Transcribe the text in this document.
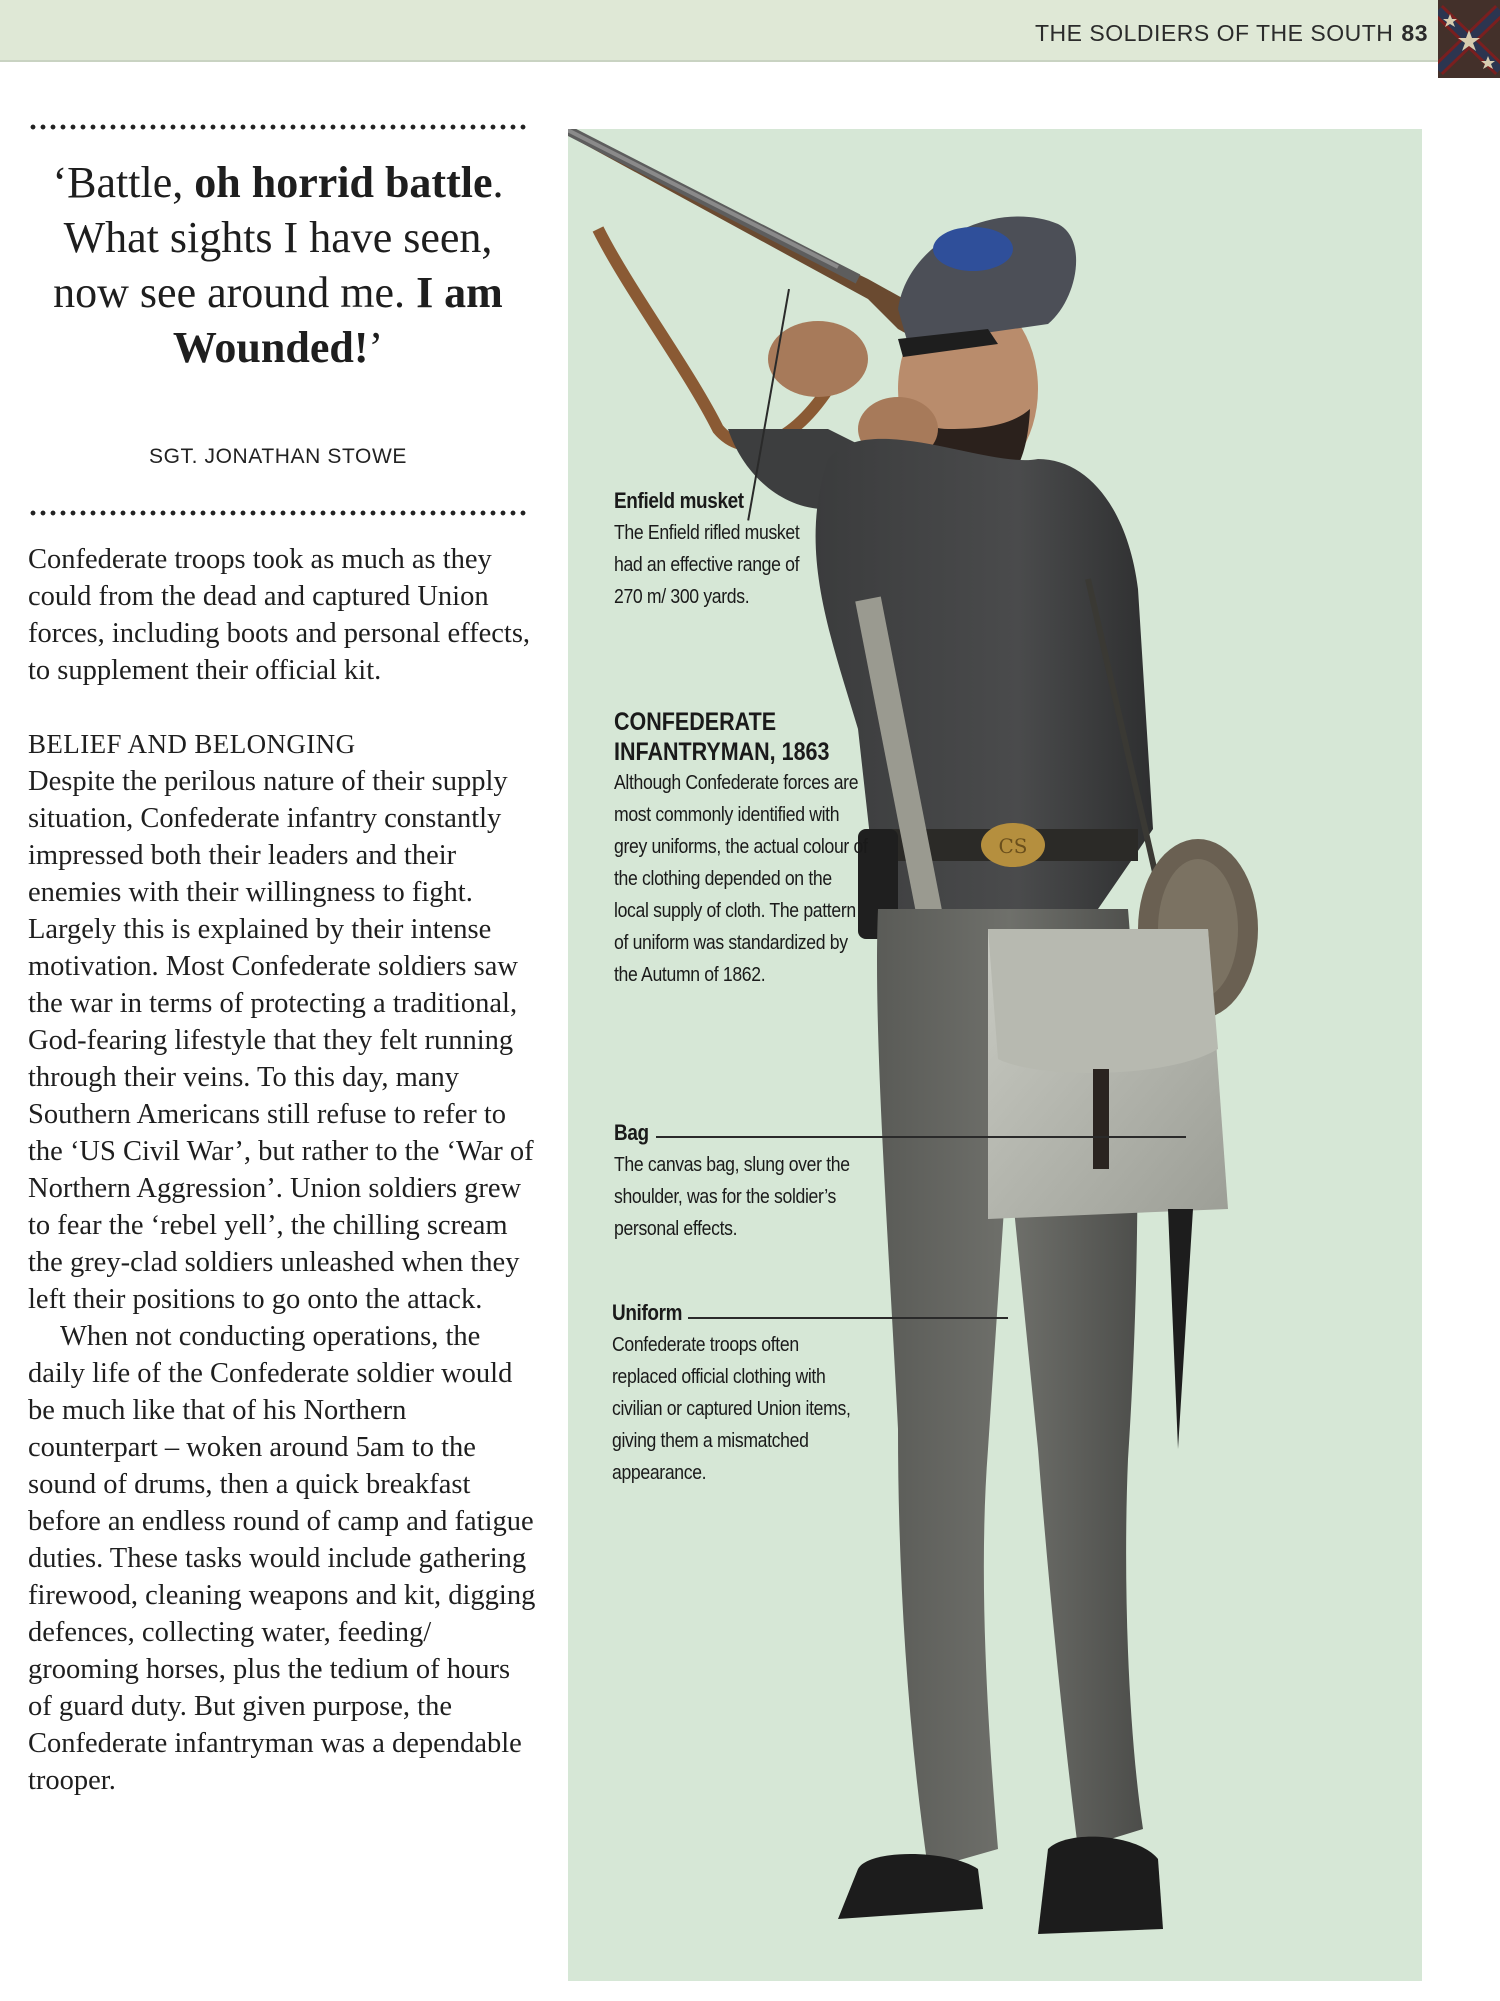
THE SOLDIERS OF THE SOUTH 83
‘Battle, oh horrid battle. What sights I have seen, now see around me. I am Wounded!’
SGT. JONATHAN STOWE

Confederate troops took as much as they could from the dead and captured Union forces, including boots and personal effects, to supplement their official kit.

BELIEF AND BELONGING

Despite the perilous nature of their supply situation, Confederate infantry constantly impressed both their leaders and their enemies with their willingness to fight. Largely this is explained by their intense motivation. Most Confederate soldiers saw the war in terms of protecting a traditional, God-fearing lifestyle that they felt running through their veins. To this day, many Southern Americans still refuse to refer to the ‘US Civil War’, but rather to the ‘War of Northern Aggression’. Union soldiers grew to fear the ‘rebel yell’, the chilling scream the grey-clad soldiers unleashed when they left their positions to go onto the attack.

When not conducting operations, the daily life of the Confederate soldier would be much like that of his Northern counterpart – woken around 5am to the sound of drums, then a quick breakfast before an endless round of camp and fatigue duties. These tasks would include gathering firewood, cleaning weapons and kit, digging defences, collecting water, feeding/ grooming horses, plus the tedium of hours of guard duty. But given purpose, the Confederate infantryman was a dependable trooper.

CS
Enfield musket
The Enfield rifled musket had an effective range of 270 m/ 300 yards.
CONFEDERATE INFANTRYMAN, 1863
Although Confederate forces are most commonly identified with grey uniforms, the actual colour of the clothing depended on the local supply of cloth. The pattern of uniform was standardized by the Autumn of 1862.
Bag
The canvas bag, slung over the shoulder, was for the soldier’s personal effects.
Uniform
Confederate troops often replaced official clothing with civilian or captured Union items, giving them a mismatched appearance.
